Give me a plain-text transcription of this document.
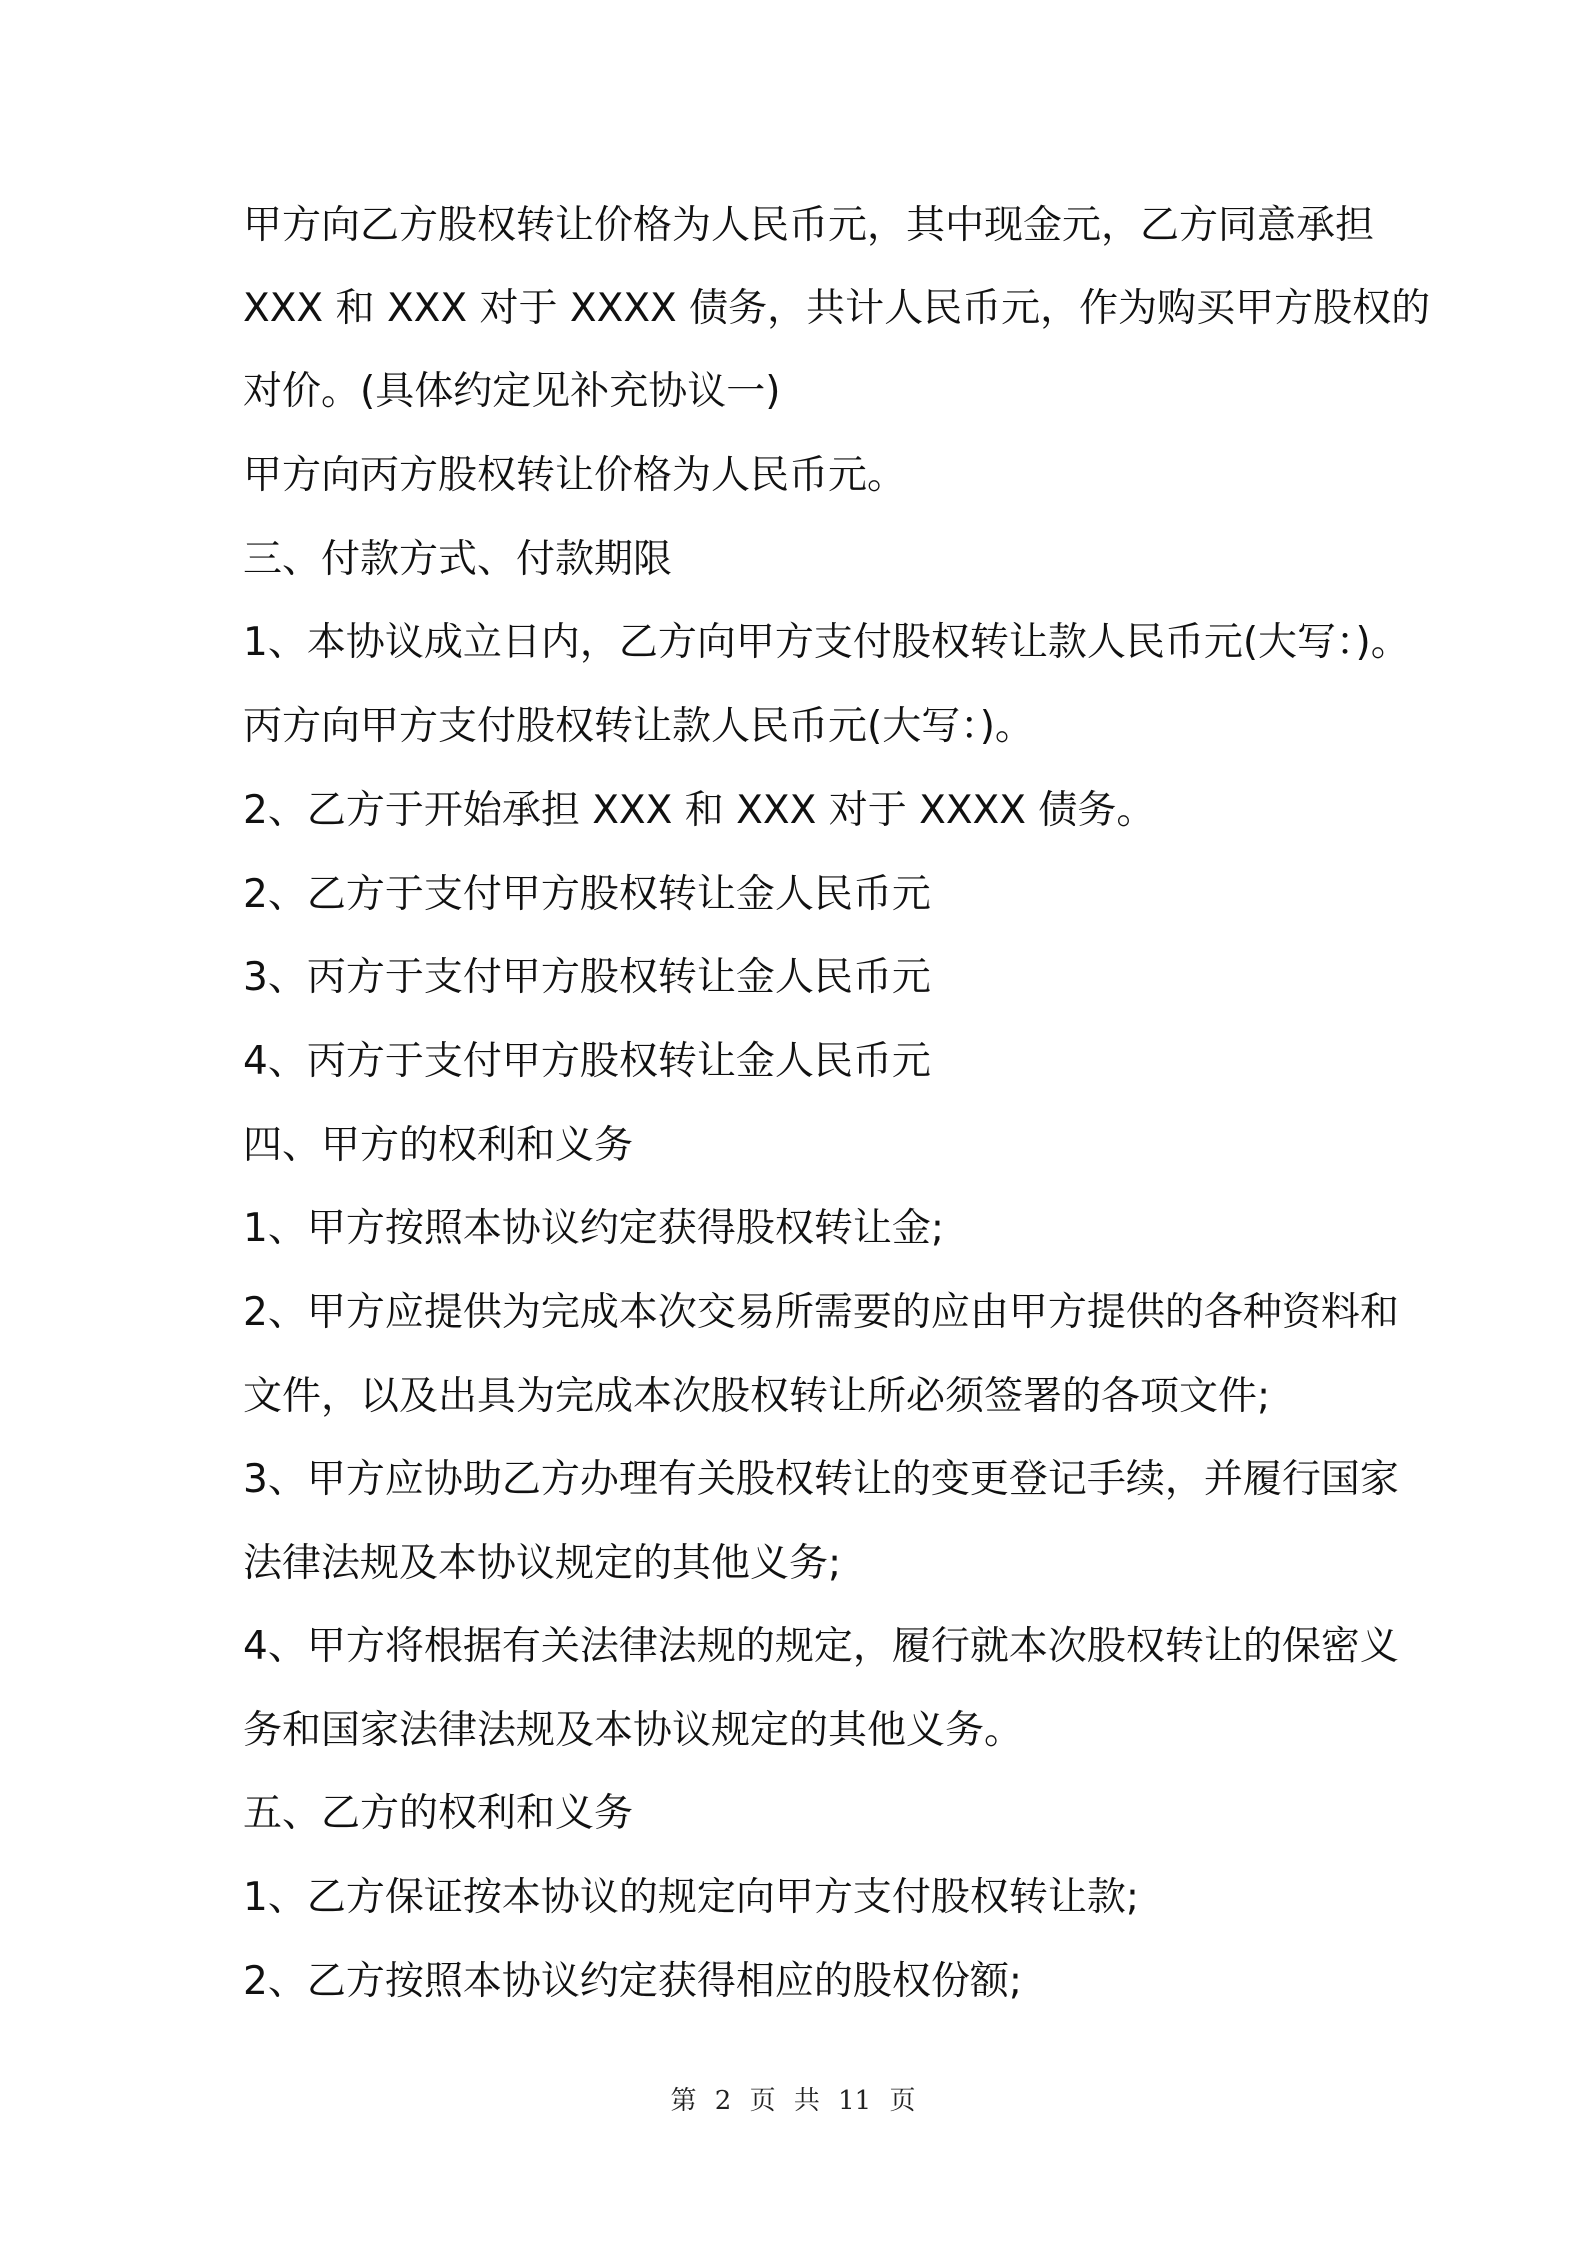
甲方向乙方股权转让价格为人民币元，其中现金元，乙方同意承担
XXX 和 XXX 对于 XXXX 债务，共计人民币元，作为购买甲方股权的
对价。(具体约定见补充协议一)
甲方向丙方股权转让价格为人民币元。
三、付款方式、付款期限
1、本协议成立日内，乙方向甲方支付股权转让款人民币元(大写：)。
丙方向甲方支付股权转让款人民币元(大写：)。
2、乙方于开始承担 XXX 和 XXX 对于 XXXX 债务。
2、乙方于支付甲方股权转让金人民币元
3、丙方于支付甲方股权转让金人民币元
4、丙方于支付甲方股权转让金人民币元
四、甲方的权利和义务
1、甲方按照本协议约定获得股权转让金;
2、甲方应提供为完成本次交易所需要的应由甲方提供的各种资料和
文件，以及出具为完成本次股权转让所必须签署的各项文件;
3、甲方应协助乙方办理有关股权转让的变更登记手续，并履行国家
法律法规及本协议规定的其他义务;
4、甲方将根据有关法律法规的规定，履行就本次股权转让的保密义
务和国家法律法规及本协议规定的其他义务。
五、乙方的权利和义务
1、乙方保证按本协议的规定向甲方支付股权转让款;
2、乙方按照本协议约定获得相应的股权份额;
第 2 页 共 11 页
